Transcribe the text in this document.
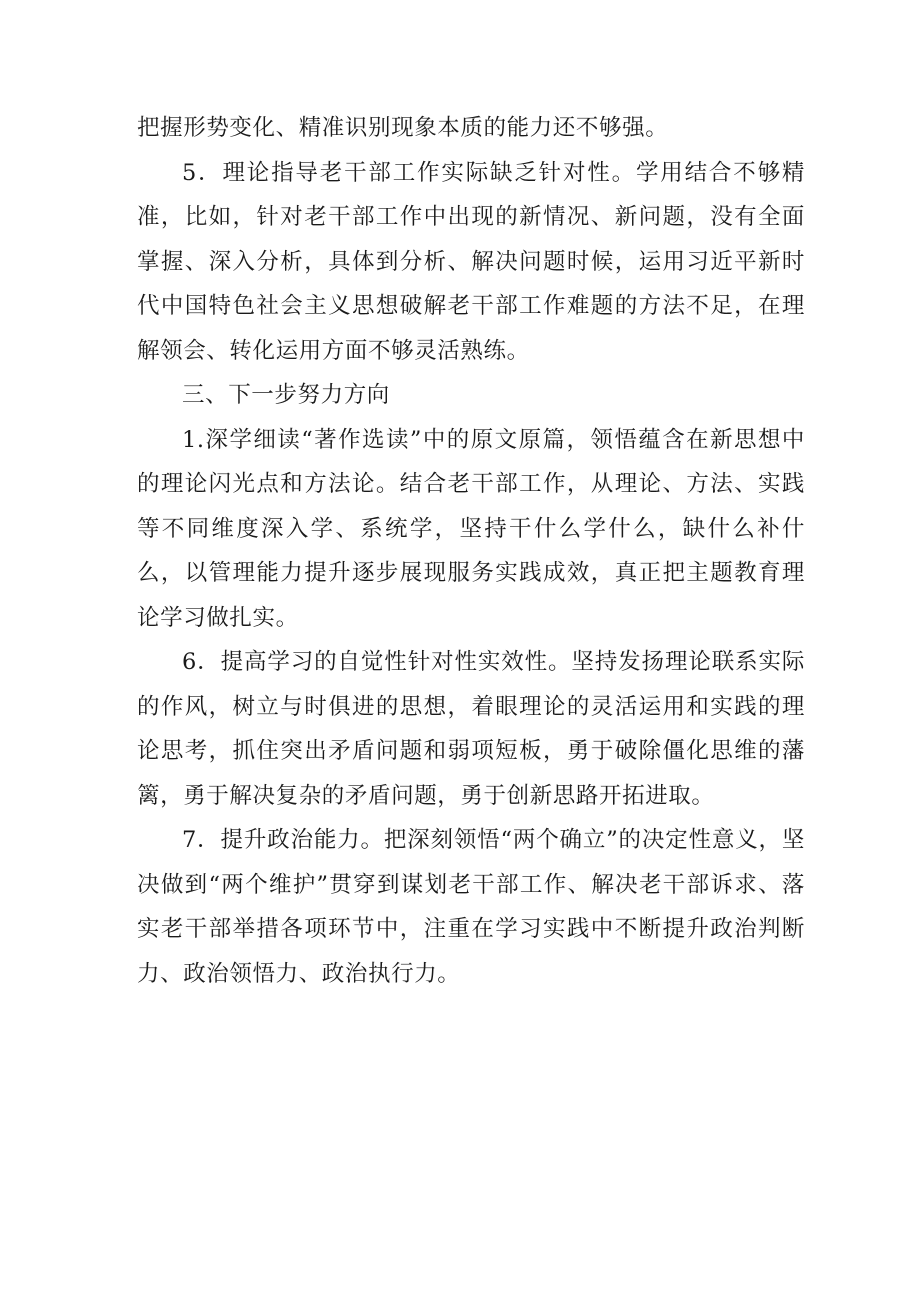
把握形势变化、精准识别现象本质的能力还不够强。

5．理论指导老干部工作实际缺乏针对性。学用结合不够精准，比如，针对老干部工作中出现的新情况、新问题，没有全面掌握、深入分析，具体到分析、解决问题时候，运用习近平新时代中国特色社会主义思想破解老干部工作难题的方法不足，在理解领会、转化运用方面不够灵活熟练。

三、下一步努力方向

1.深学细读“著作选读”中的原文原篇，领悟蕴含在新思想中的理论闪光点和方法论。结合老干部工作，从理论、方法、实践等不同维度深入学、系统学，坚持干什么学什么，缺什么补什么，以管理能力提升逐步展现服务实践成效，真正把主题教育理论学习做扎实。

6．提高学习的自觉性针对性实效性。坚持发扬理论联系实际的作风，树立与时俱进的思想，着眼理论的灵活运用和实践的理论思考，抓住突出矛盾问题和弱项短板，勇于破除僵化思维的藩篱，勇于解决复杂的矛盾问题，勇于创新思路开拓进取。

7．提升政治能力。把深刻领悟“两个确立”的决定性意义，坚决做到“两个维护”贯穿到谋划老干部工作、解决老干部诉求、落实老干部举措各项环节中，注重在学习实践中不断提升政治判断力、政治领悟力、政治执行力。
